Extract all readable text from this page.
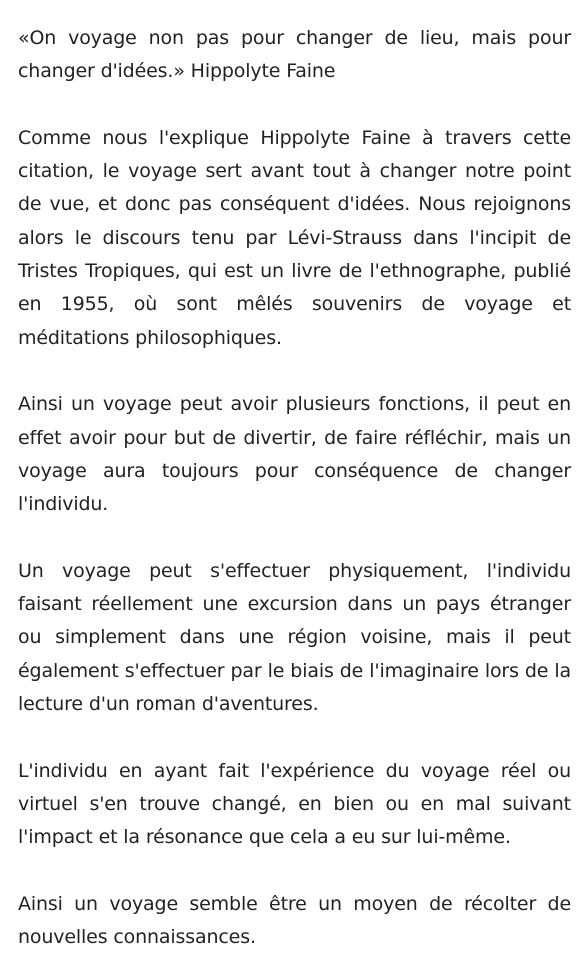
«On voyage non pas pour changer de lieu, mais pour changer d'idées.» Hippolyte Faine

Comme nous l'explique Hippolyte Faine à travers cette citation, le voyage sert avant tout à changer notre point de vue, et donc pas conséquent d'idées. Nous rejoignons alors le discours tenu par Lévi-Strauss dans l'incipit de Tristes Tropiques, qui est un livre de l'ethnographe, publié en 1955, où sont mêlés souvenirs de voyage et méditations philosophiques.

Ainsi un voyage peut avoir plusieurs fonctions, il peut en effet avoir pour but de divertir, de faire réfléchir, mais un voyage aura toujours pour conséquence de changer l'individu.

Un voyage peut s'effectuer physiquement, l'individu faisant réellement une excursion dans un pays étranger ou simplement dans une région voisine, mais il peut également s'effectuer par le biais de l'imaginaire lors de la lecture d'un roman d'aventures.

L'individu en ayant fait l'expérience du voyage réel ou virtuel s'en trouve changé, en bien ou en mal suivant l'impact et la résonance que cela a eu sur lui-même.

Ainsi un voyage semble être un moyen de récolter de nouvelles connaissances.
